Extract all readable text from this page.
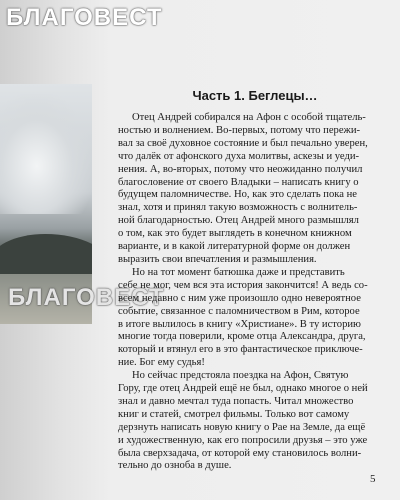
БЛАГОВЕСТ
БЛАГОВЕСТ
Часть 1. Беглецы…

Отец Андрей собирался на Афон с особой тщатель-
ностью и волнением. Во-первых, потому что пережи-
вал за своё духовное состояние и был печально уверен,
что далёк от афонского духа молитвы, аскезы и уеди-
нения. А, во-вторых, потому что неожиданно получил
благословение от своего Владыки – написать книгу о
будущем паломничестве. Но, как это сделать пока не
знал, хотя и принял такую возможность с волнитель-
ной благодарностью. Отец Андрей много размышлял
о том, как это будет выглядеть в конечном книжном
варианте, и в какой литературной форме он должен
выразить свои впечатления и размышления.

Но на тот момент батюшка даже и представить
себе не мог, чем вся эта история закончится! А ведь со-
всем недавно с ним уже произошло одно невероятное
событие, связанное с паломничеством в Рим, которое
в итоге вылилось в книгу «Христиане». В ту историю
многие тогда поверили, кроме отца Александра, друга,
который и втянул его в это фантастическое приключе-
ние. Бог ему судья!

Но сейчас предстояла поездка на Афон, Святую
Гору, где отец Андрей ещё не был, однако многое о ней
знал и давно мечтал туда попасть. Читал множество
книг и статей, смотрел фильмы. Только вот самому
дерзнуть написать новую книгу о Рае на Земле, да ещё
и художественную, как его попросили друзья – это уже
была сверхзадача, от которой ему становилось волни-
тельно до озноба в душе.

5
